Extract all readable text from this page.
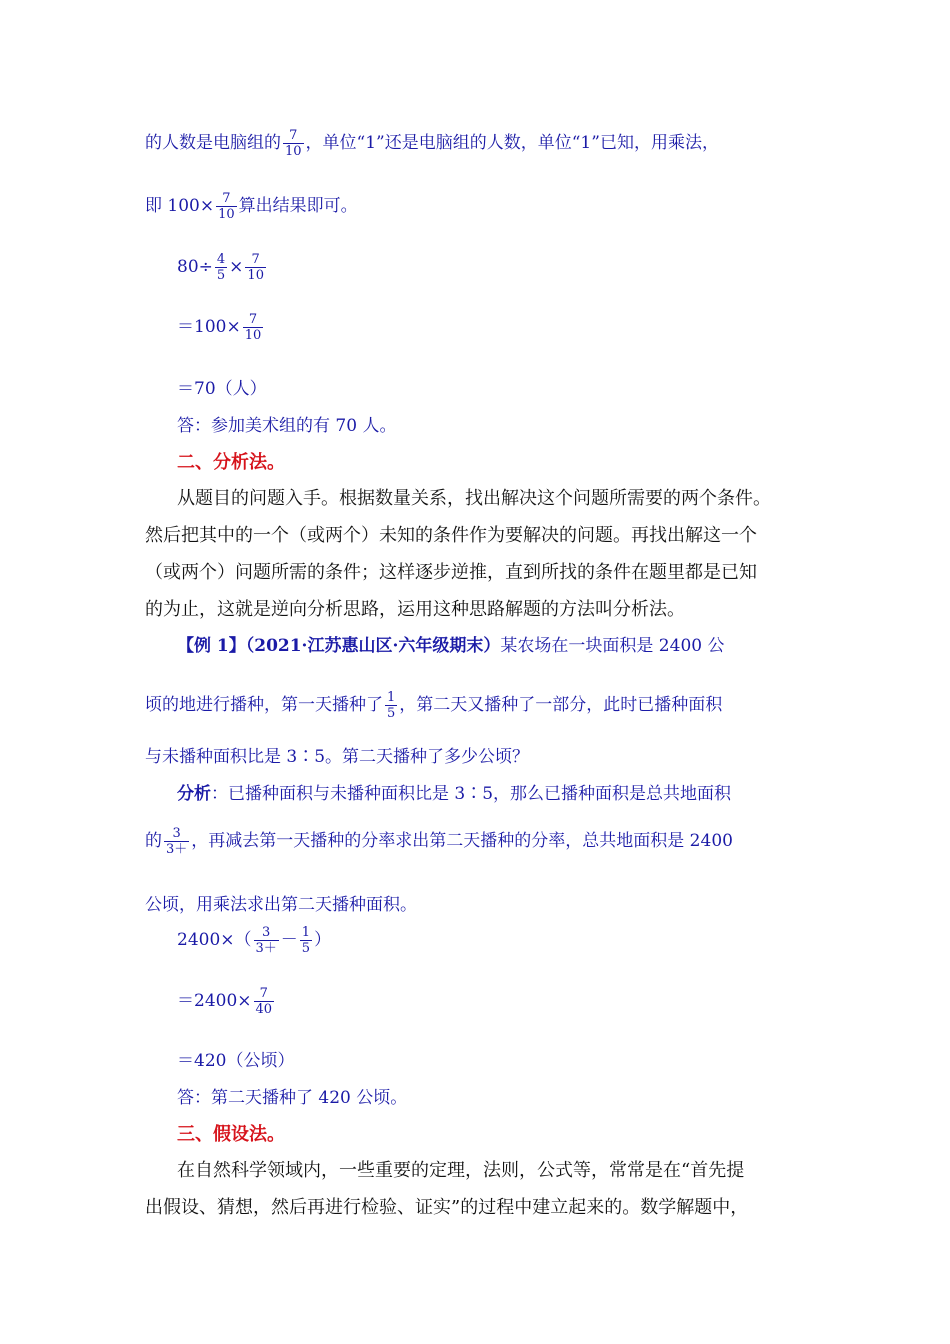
的人数是电脑组的 $\frac{7}{10}$ ，单位“1”还是电脑组的人数，单位“1”已知，用乘法，
即 $100\times \frac{7}{10}$ 算出结果即可。
$80\div \frac{4}{5} \times \frac{7}{10}$
$=100\times \frac{7}{10}$
＝70（人）
答：参加美术组的有 70 人。
二、分析法。
从题目的问题入手。根据数量关系，找出解决这个问题所需要的两个条件。
然后把其中的一个（或两个）未知的条件作为要解决的问题。再找出解这一个
（或两个）问题所需的条件；这样逐步逆推，直到所找的条件在题里都是已知
的为止，这就是逆向分析思路，运用这种思路解题的方法叫分析法。
【例 1】（2021·江苏惠山区·六年级期末）某农场在一块面积是 2400 公
顷的地进行播种，第一天播种了 $\frac{1}{5}$ ，第二天又播种了一部分，此时已播种面积
与未播种面积比是 3∶5。第二天播种了多少公顷？
分析：已播种面积与未播种面积比是 3∶5，那么已播种面积是总共地面积
的 $\frac{3}{3+}$ ，再减去第一天播种的分率求出第二天播种的分率，总共地面积是 2400
公顷，用乘法求出第二天播种面积。
$2400\times( \frac{3}{3+} - \frac{1}{5}$ ）
$=2400\times \frac{7}{40}$
＝420（公顷）
答：第二天播种了 420 公顷。
三、假设法。
在自然科学领域内，一些重要的定理，法则，公式等，常常是在“首先提
出假设、猜想，然后再进行检验、证实”的过程中建立起来的。数学解题中，
